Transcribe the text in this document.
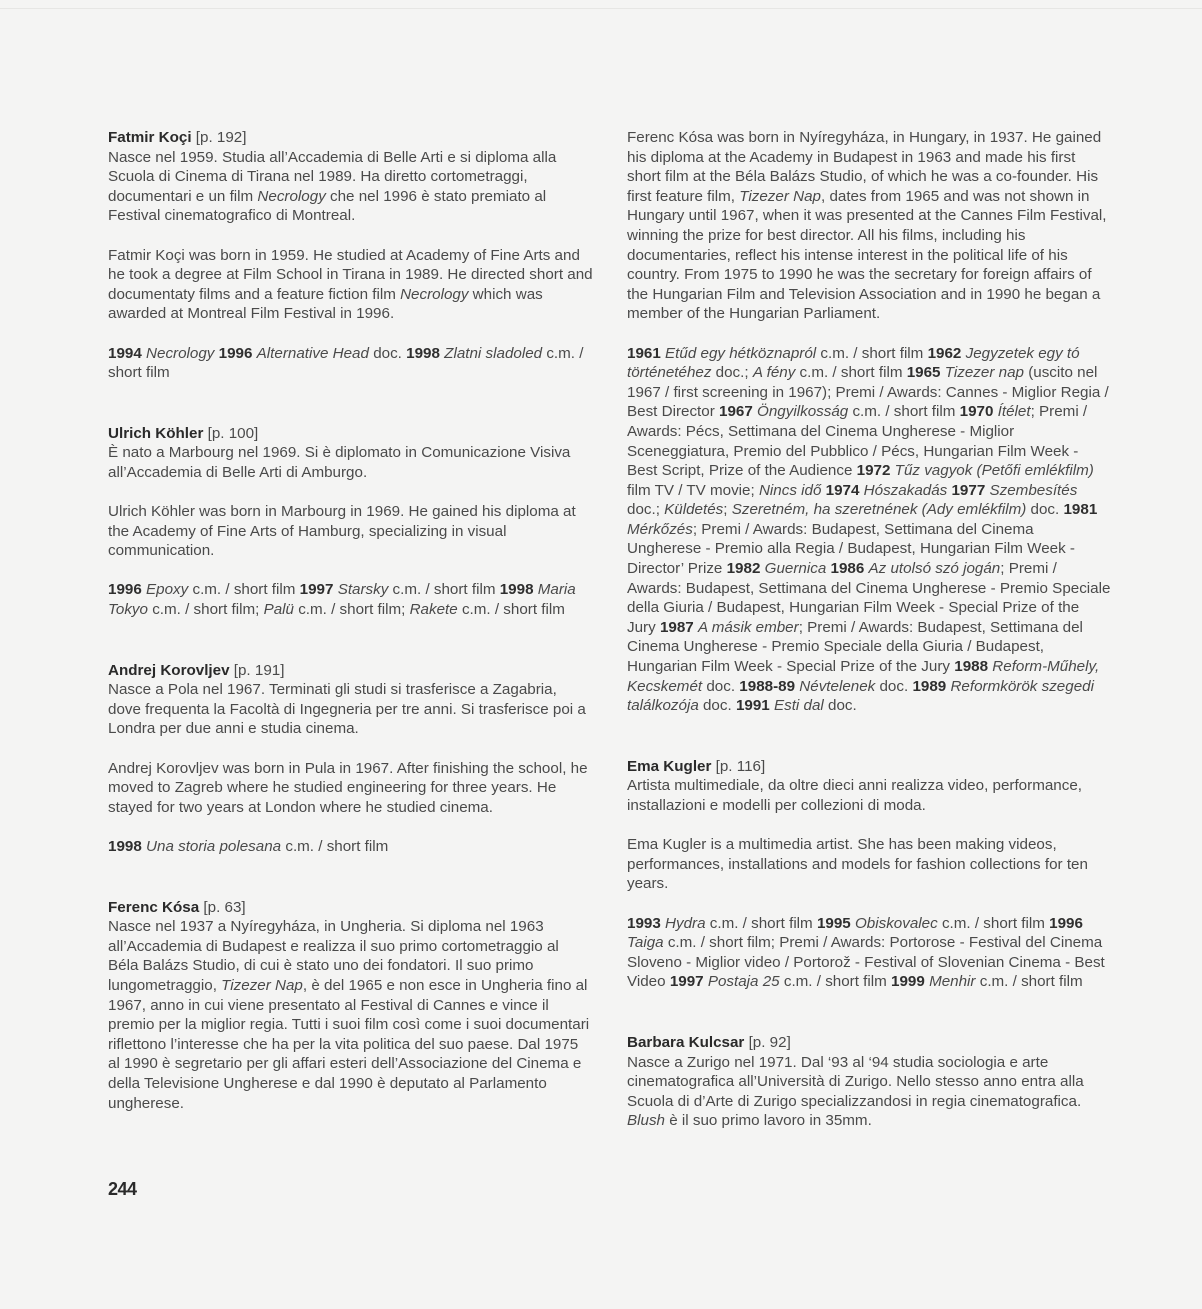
Fatmir Koçi [p. 192]

Nasce nel 1959. Studia all’Accademia di Belle Arti e si diploma alla Scuola di Cinema di Tirana nel 1989. Ha diretto cortometraggi, documentari e un film Necrology che nel 1996 è stato premiato al Festival cinematografico di Montreal.

Fatmir Koçi was born in 1959. He studied at Academy of Fine Arts and he took a degree at Film School in Tirana in 1989. He directed short and documentaty films and a feature fiction film Necrology which was awarded at Montreal Film Festival in 1996.

1994 Necrology 1996 Alternative Head doc. 1998 Zlatni sladoled c.m. / short film

Ulrich Köhler [p. 100]

È nato a Marbourg nel 1969. Si è diplomato in Comunicazione Visiva all’Accademia di Belle Arti di Amburgo.

Ulrich Köhler was born in Marbourg in 1969. He gained his diploma at the Academy of Fine Arts of Hamburg, specializing in visual communication.

1996 Epoxy c.m. / short film 1997 Starsky c.m. / short film 1998 Maria Tokyo c.m. / short film; Palü c.m. / short film; Rakete c.m. / short film

Andrej Korovljev [p. 191]

Nasce a Pola nel 1967. Terminati gli studi si trasferisce a Zagabria, dove frequenta la Facoltà di Ingegneria per tre anni. Si trasferisce poi a Londra per due anni e studia cinema.

Andrej Korovljev was born in Pula in 1967. After finishing the school, he moved to Zagreb where he studied engineering for three years. He stayed for two years at London where he studied cinema.

1998 Una storia polesana c.m. / short film

Ferenc Kósa [p. 63]

Nasce nel 1937 a Nyíregyháza, in Ungheria. Si diploma nel 1963 all’Accademia di Budapest e realizza il suo primo cortometraggio al Béla Balázs Studio, di cui è stato uno dei fondatori. Il suo primo lungometraggio, Tizezer Nap, è del 1965 e non esce in Ungheria fino al 1967, anno in cui viene presentato al Festival di Cannes e vince il premio per la miglior regia. Tutti i suoi film così come i suoi documentari riflettono l’interesse che ha per la vita politica del suo paese. Dal 1975 al 1990 è segretario per gli affari esteri dell’Associazione del Cinema e della Televisione Ungherese e dal 1990 è deputato al Parlamento ungherese.

Ferenc Kósa was born in Nyíregyháza, in Hungary, in 1937. He gained his diploma at the Academy in Budapest in 1963 and made his first short film at the Béla Balázs Studio, of which he was a co-founder. His first feature film, Tizezer Nap, dates from 1965 and was not shown in Hungary until 1967, when it was presented at the Cannes Film Festival, winning the prize for best director. All his films, including his documentaries, reflect his intense interest in the political life of his country. From 1975 to 1990 he was the secretary for foreign affairs of the Hungarian Film and Television Association and in 1990 he began a member of the Hungarian Parliament.

1961 Etűd egy hétköznapról c.m. / short film 1962 Jegyzetek egy tó történetéhez doc.; A fény c.m. / short film 1965 Tizezer nap (uscito nel 1967 / first screening in 1967); Premi / Awards: Cannes - Miglior Regia / Best Director 1967 Öngyilkosság c.m. / short film 1970 Ítélet; Premi / Awards: Pécs, Settimana del Cinema Ungherese - Miglior Sceneggiatura, Premio del Pubblico / Pécs, Hungarian Film Week - Best Script, Prize of the Audience 1972 Tűz vagyok (Petőfi emlékfilm) film TV / TV movie; Nincs idő 1974 Hószakadás 1977 Szembesítés doc.; Küldetés; Szeretném, ha szeretnének (Ady emlékfilm) doc. 1981 Mérkőzés; Premi / Awards: Budapest, Settimana del Cinema Ungherese - Premio alla Regia / Budapest, Hungarian Film Week - Director’ Prize 1982 Guernica 1986 Az utolsó szó jogán; Premi / Awards: Budapest, Settimana del Cinema Ungherese - Premio Speciale della Giuria / Budapest, Hungarian Film Week - Special Prize of the Jury 1987 A másik ember; Premi / Awards: Budapest, Settimana del Cinema Ungherese - Premio Speciale della Giuria / Budapest, Hungarian Film Week - Special Prize of the Jury 1988 Reform-Műhely, Kecskemét doc. 1988-89 Névtelenek doc. 1989 Reformkörök szegedi találkozója doc. 1991 Esti dal doc.

Ema Kugler [p. 116]

Artista multimediale, da oltre dieci anni realizza video, performance, installazioni e modelli per collezioni di moda.

Ema Kugler is a multimedia artist. She has been making videos, performances, installations and models for fashion collections for ten years.

1993 Hydra c.m. / short film 1995 Obiskovalec c.m. / short film 1996 Taiga c.m. / short film; Premi / Awards: Portorose - Festival del Cinema Sloveno - Miglior video / Portorož - Festival of Slovenian Cinema - Best Video 1997 Postaja 25 c.m. / short film 1999 Menhir c.m. / short film

Barbara Kulcsar [p. 92]

Nasce a Zurigo nel 1971. Dal ‘93 al ‘94 studia sociologia e arte cinematografica all’Università di Zurigo. Nello stesso anno entra alla Scuola di d’Arte di Zurigo specializzandosi in regia cinematografica. Blush è il suo primo lavoro in 35mm.

244
